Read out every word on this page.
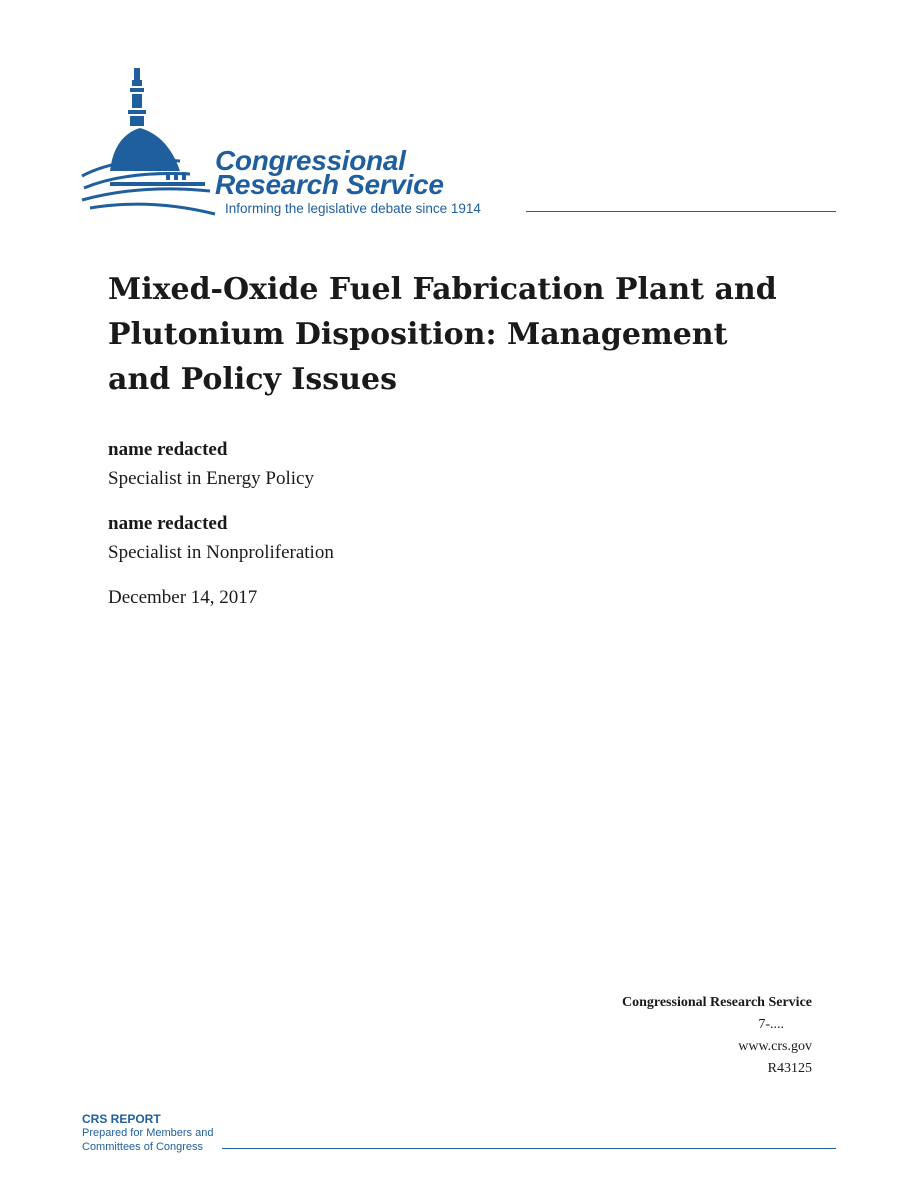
Congressional
Research Service
Informing the legislative debate since 1914
Mixed-Oxide Fuel Fabrication Plant and Plutonium Disposition: Management and Policy Issues
name redacted
Specialist in Energy Policy
name redacted
Specialist in Nonproliferation
December 14, 2017
Congressional Research Service
7-....
www.crs.gov
R43125
CRS REPORT
Prepared for Members and
Committees of Congress
